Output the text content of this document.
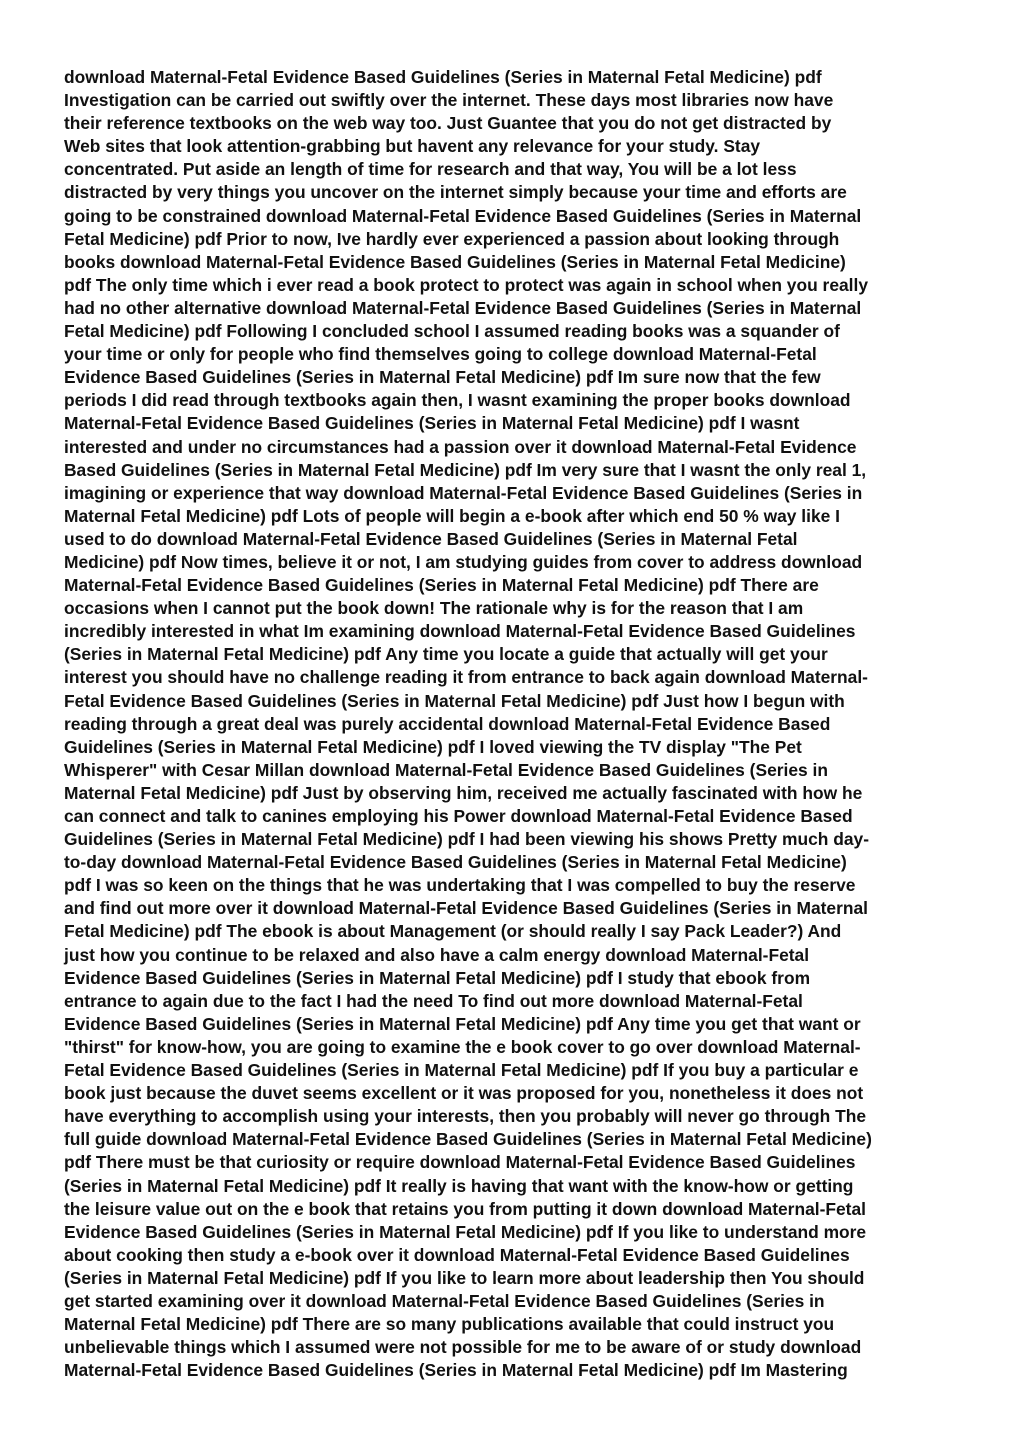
download Maternal-Fetal Evidence Based Guidelines (Series in Maternal Fetal Medicine) pdf
Investigation can be carried out swiftly over the internet. These days most libraries now have
their reference textbooks on the web way too. Just Guantee that you do not get distracted by
Web sites that look attention-grabbing but havent any relevance for your study. Stay
concentrated. Put aside an length of time for research and that way, You will be a lot less
distracted by very things you uncover on the internet simply because your time and efforts are
going to be constrained download Maternal-Fetal Evidence Based Guidelines (Series in Maternal
Fetal Medicine) pdf Prior to now, Ive hardly ever experienced a passion about looking through
books download Maternal-Fetal Evidence Based Guidelines (Series in Maternal Fetal Medicine)
pdf The only time which i ever read a book protect to protect was again in school when you really
had no other alternative download Maternal-Fetal Evidence Based Guidelines (Series in Maternal
Fetal Medicine) pdf Following I concluded school I assumed reading books was a squander of
your time or only for people who find themselves going to college download Maternal-Fetal
Evidence Based Guidelines (Series in Maternal Fetal Medicine) pdf Im sure now that the few
periods I did read through textbooks again then, I wasnt examining the proper books download
Maternal-Fetal Evidence Based Guidelines (Series in Maternal Fetal Medicine) pdf I wasnt
interested and under no circumstances had a passion over it download Maternal-Fetal Evidence
Based Guidelines (Series in Maternal Fetal Medicine) pdf Im very sure that I wasnt the only real 1,
imagining or experience that way download Maternal-Fetal Evidence Based Guidelines (Series in
Maternal Fetal Medicine) pdf Lots of people will begin a e-book after which end 50 % way like I
used to do download Maternal-Fetal Evidence Based Guidelines (Series in Maternal Fetal
Medicine) pdf Now times, believe it or not, I am studying guides from cover to address download
Maternal-Fetal Evidence Based Guidelines (Series in Maternal Fetal Medicine) pdf There are
occasions when I cannot put the book down! The rationale why is for the reason that I am
incredibly interested in what Im examining download Maternal-Fetal Evidence Based Guidelines
(Series in Maternal Fetal Medicine) pdf Any time you locate a guide that actually will get your
interest you should have no challenge reading it from entrance to back again download Maternal-
Fetal Evidence Based Guidelines (Series in Maternal Fetal Medicine) pdf Just how I begun with
reading through a great deal was purely accidental download Maternal-Fetal Evidence Based
Guidelines (Series in Maternal Fetal Medicine) pdf I loved viewing the TV display "The Pet
Whisperer" with Cesar Millan download Maternal-Fetal Evidence Based Guidelines (Series in
Maternal Fetal Medicine) pdf Just by observing him, received me actually fascinated with how he
can connect and talk to canines employing his Power download Maternal-Fetal Evidence Based
Guidelines (Series in Maternal Fetal Medicine) pdf I had been viewing his shows Pretty much day-
to-day download Maternal-Fetal Evidence Based Guidelines (Series in Maternal Fetal Medicine)
pdf I was so keen on the things that he was undertaking that I was compelled to buy the reserve
and find out more over it download Maternal-Fetal Evidence Based Guidelines (Series in Maternal
Fetal Medicine) pdf The ebook is about Management (or should really I say Pack Leader?) And
just how you continue to be relaxed and also have a calm energy download Maternal-Fetal
Evidence Based Guidelines (Series in Maternal Fetal Medicine) pdf I study that ebook from
entrance to again due to the fact I had the need To find out more download Maternal-Fetal
Evidence Based Guidelines (Series in Maternal Fetal Medicine) pdf Any time you get that want or
"thirst" for know-how, you are going to examine the e book cover to go over download Maternal-
Fetal Evidence Based Guidelines (Series in Maternal Fetal Medicine) pdf If you buy a particular e
book just because the duvet seems excellent or it was proposed for you, nonetheless it does not
have everything to accomplish using your interests, then you probably will never go through The
full guide download Maternal-Fetal Evidence Based Guidelines (Series in Maternal Fetal Medicine)
pdf There must be that curiosity or require download Maternal-Fetal Evidence Based Guidelines
(Series in Maternal Fetal Medicine) pdf It really is having that want with the know-how or getting
the leisure value out on the e book that retains you from putting it down download Maternal-Fetal
Evidence Based Guidelines (Series in Maternal Fetal Medicine) pdf If you like to understand more
about cooking then study a e-book over it download Maternal-Fetal Evidence Based Guidelines
(Series in Maternal Fetal Medicine) pdf If you like to learn more about leadership then You should
get started examining over it download Maternal-Fetal Evidence Based Guidelines (Series in
Maternal Fetal Medicine) pdf There are so many publications available that could instruct you
unbelievable things which I assumed were not possible for me to be aware of or study download
Maternal-Fetal Evidence Based Guidelines (Series in Maternal Fetal Medicine) pdf Im Mastering
